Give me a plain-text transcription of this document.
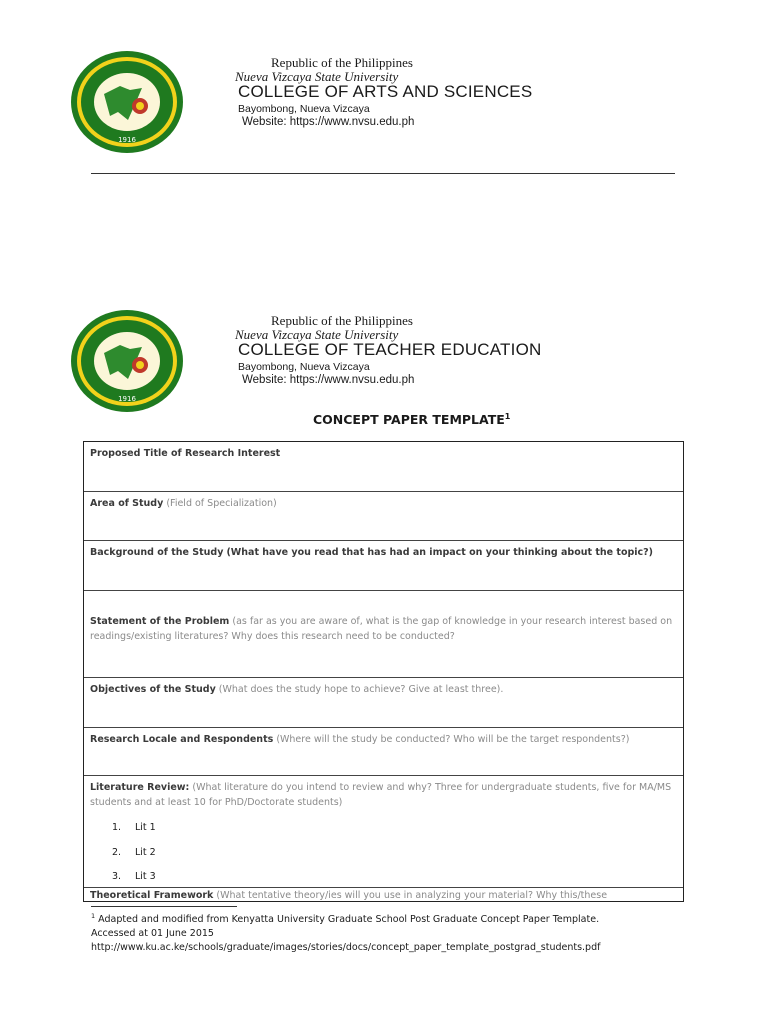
1916
Republic of the Philippines
Nueva Vizcaya State University
COLLEGE OF ARTS AND SCIENCES
Bayombong, Nueva Vizcaya
Website: https://www.nvsu.edu.ph
1916
Republic of the Philippines
Nueva Vizcaya State University
COLLEGE OF TEACHER EDUCATION
Bayombong, Nueva Vizcaya
Website: https://www.nvsu.edu.ph
CONCEPT PAPER TEMPLATE$^1$
Proposed Title of Research Interest
Area of Study (Field of Specialization)
Background of the Study (What have you read that has had an impact on your thinking about the topic?)
Statement of the Problem (as far as you are aware of, what is the gap of knowledge in your research interest based on readings/existing literatures? Why does this research need to be conducted?
Objectives of the Study (What does the study hope to achieve? Give at least three).
Research Locale and Respondents (Where will the study be conducted? Who will be the target respondents?)
Literature Review: (What literature do you intend to review and why? Three for undergraduate students, five for MA/MS students and at least 10 for PhD/Doctorate students)
1. Lit 1
2. Lit 2
3. Lit 3
Theoretical Framework (What tentative theory/ies will you use in analyzing your material? Why this/these
$^1$ Adapted and modified from Kenyatta University Graduate School Post Graduate Concept Paper Template.
Accessed at 01 June 2015
http://www.ku.ac.ke/schools/graduate/images/stories/docs/concept_paper_template_postgrad_students.pdf
